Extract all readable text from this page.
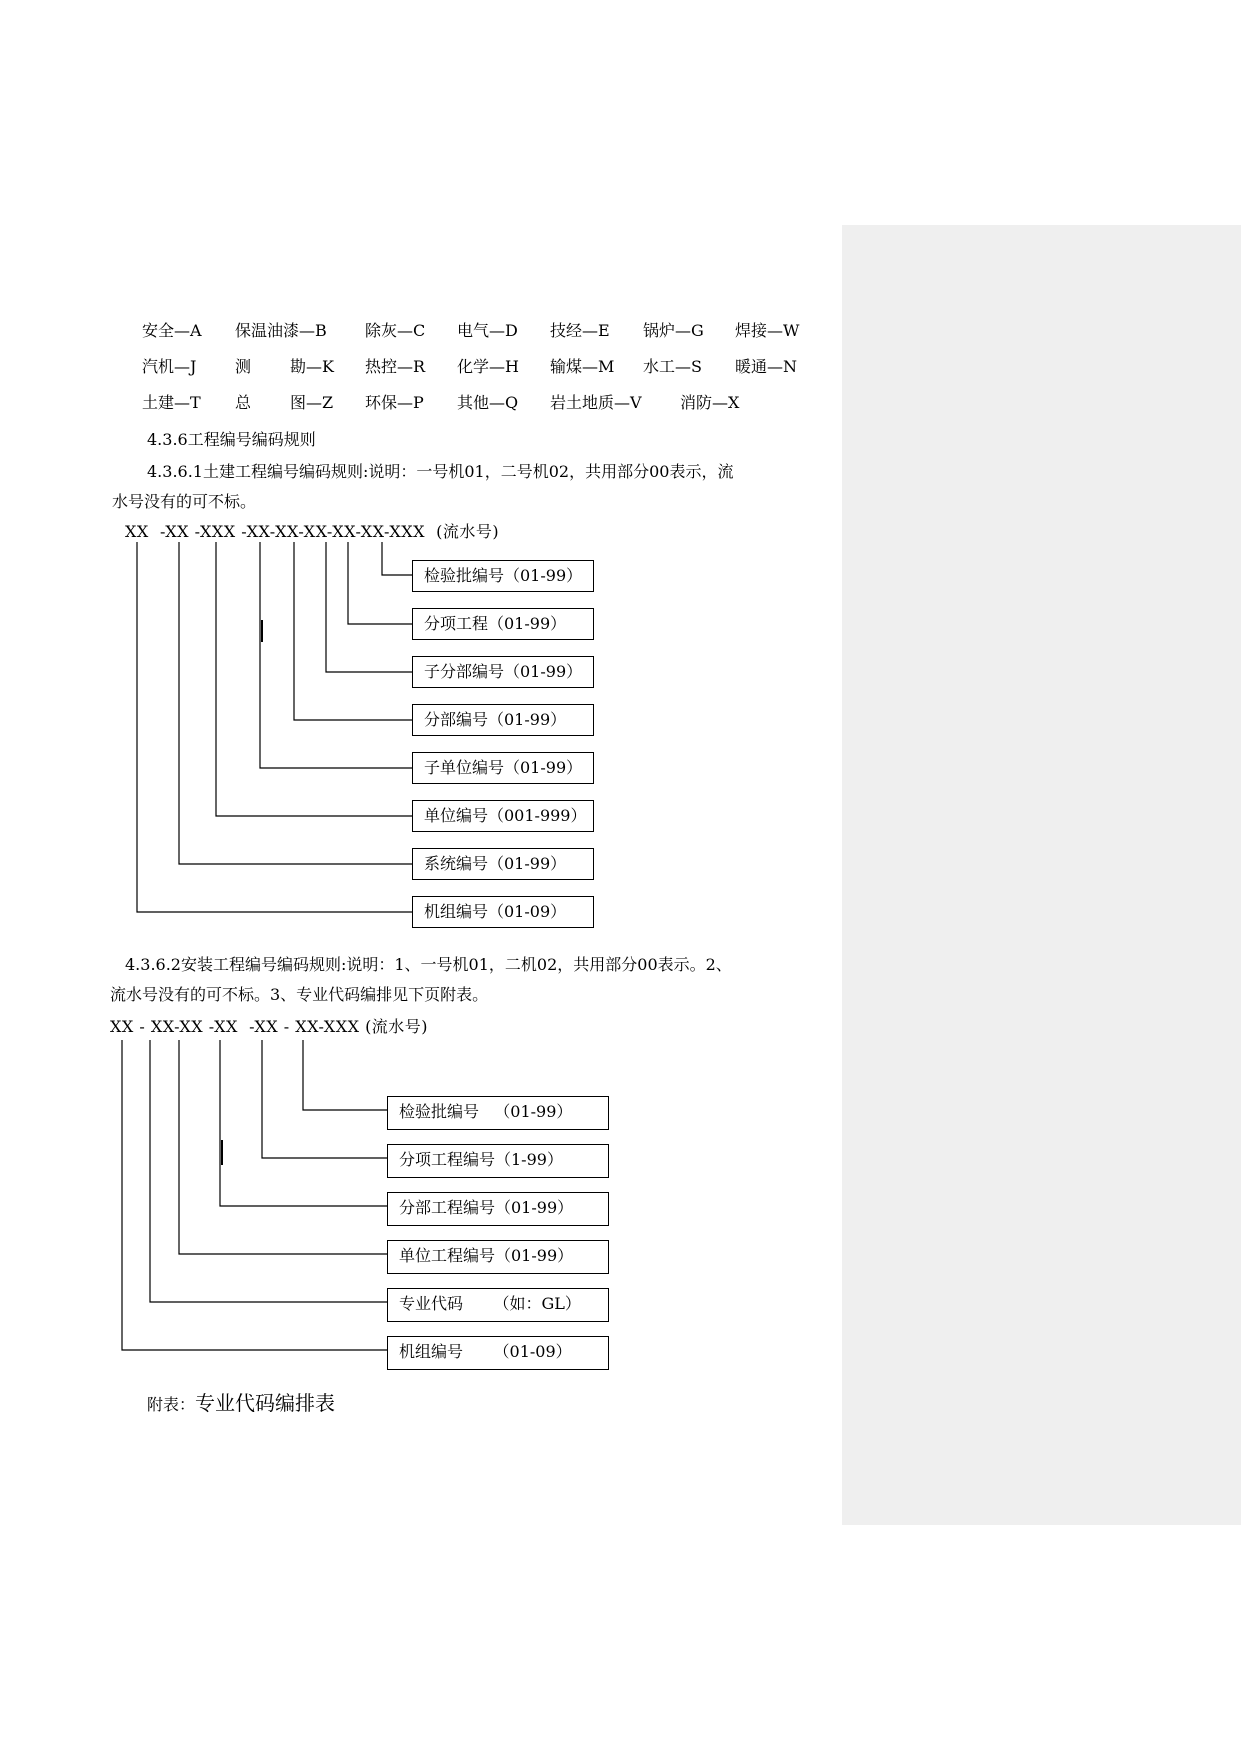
安全—A 保温油漆—B 除灰—C 电气—D 技经—E 锅炉—G 焊接—W
汽机—J 测 勘—K 热控—R 化学—H 输煤—M 水工—S 暖通—N
土建—T 总 图—Z 环保—P 其他—Q 岩土地质—V 消防—X
4.3.6工程编号编码规则
4.3.6.1土建工程编号编码规则:说明：一号机01，二号机02，共用部分00表示，流
水号没有的可不标。
XX  -XX -XXX -XX-XX-XX-XX-XX-XXX  (流水号)
检验批编号（01-99）
分项工程（01-99）
子分部编号（01-99）
分部编号（01-99）
子单位编号（01-99）
单位编号（001-999）
系统编号（01-99）
机组编号（01-09）
4.3.6.2安装工程编号编码规则:说明：1、一号机01，二机02，共用部分00表示。2、
流水号没有的可不标。3、专业代码编排见下页附表。
XX - XX-XX -XX  -XX - XX-XXX (流水号)
检验批编号   （01-99）
分项工程编号（1-99）
分部工程编号（01-99）
单位工程编号（01-99）
专业代码      （如：GL）
机组编号      （01-09）
附表：专业代码编排表
